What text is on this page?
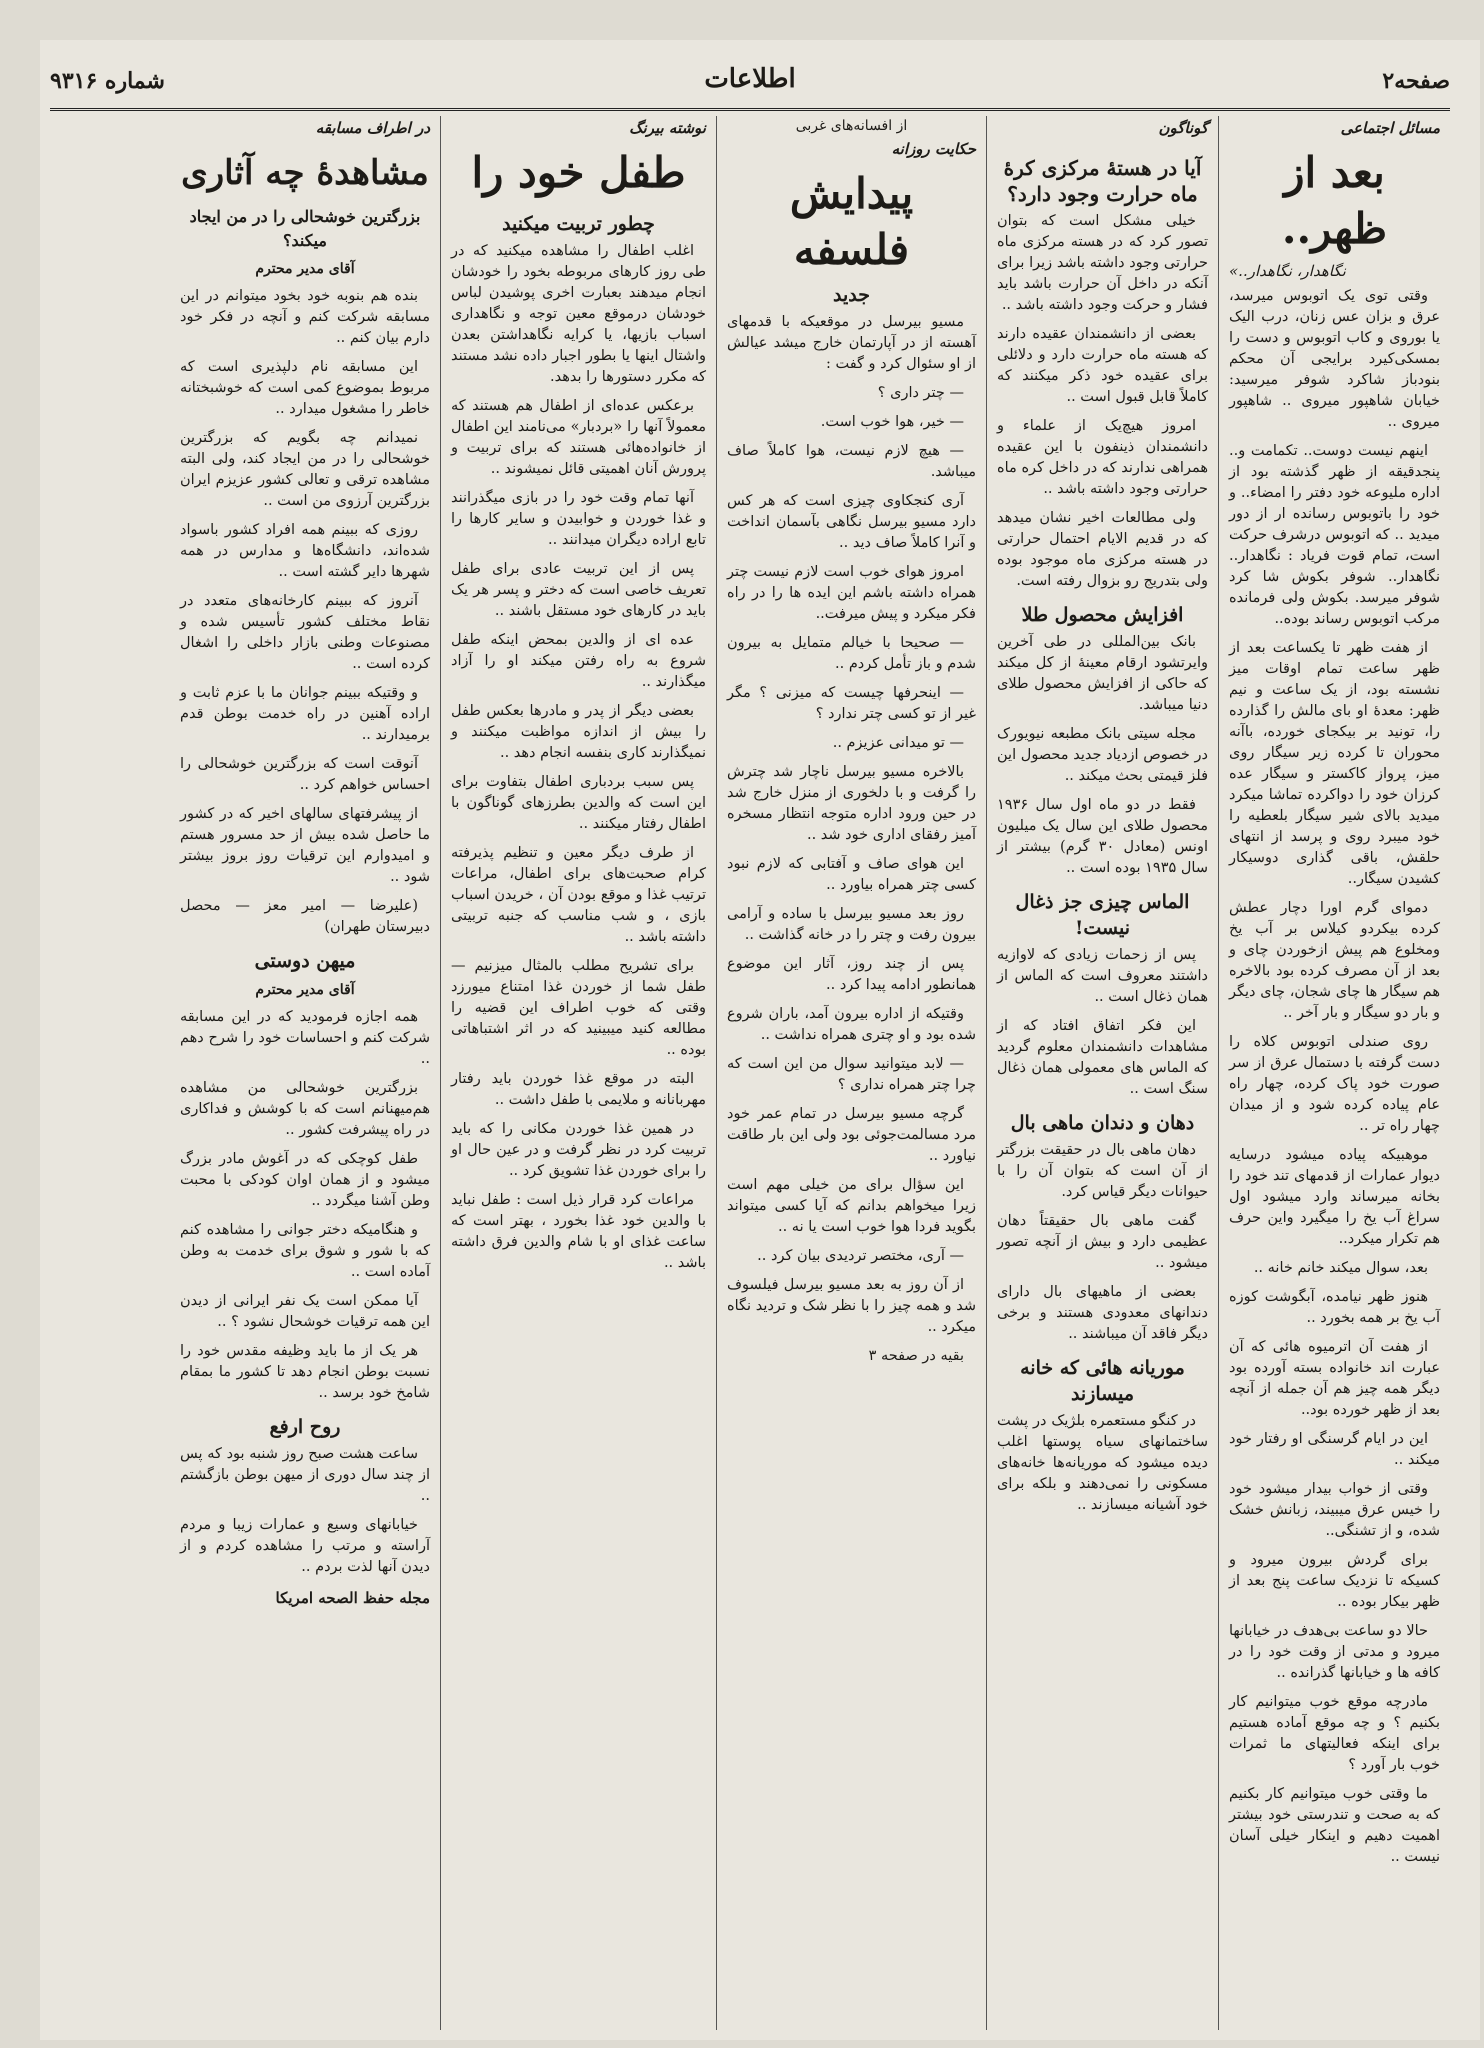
صفحه۲
اطلاعات
شماره ۹۳۱۶
مسائل اجتماعی
بعد از ظهر..
نگاهدار، نگاهدار..»

وقتی توی یک اتوبوس میرسد، عرق و بزان عس زنان، درب الیک یا بوروی و کاب اتوبوس و دست را بمسکی‌کیرد برایجی آن محکم بنودباز شاکرد شوفر میرسید: خیابان شاهپور میروی .. شاهپور میروی ..

اینهم نیست دوست.. تکمامت و.. پنجدقیقه از ظهر گذشته بود از اداره ملیوعه خود دفتر را امضاء.. و خود را باتوبوس رسانده ار از دور میدید .. که اتوبوس درشرف حرکت است، تمام قوت فریاد : نگاهدار.. نگاهدار.. شوفر بکوش شا کرد شوفر میرسد. بکوش ولی فرمانده مرکب اتوبوس رساند بوده..

از هفت ظهر تا یکساعت بعد از ظهر ساعت تمام اوقات میز نشسته بود، از یک ساعت و نیم ظهر: معدهٔ او بای مالش را گذارده را، تونید بر بیکجای‌ خورده، باآنه محوران تا کرده زیر سیگار روی میز، پرواز کاکستر و سیگار عده کرزان خود را دواکرده تماشا میکرد میدید بالای شیر سیگار بلعطیه را خود میبرد روی و پرسد از انتهای حلقش، باقی گذاری دوسیکار کشیدن سیگار..

دموای گرم اورا دچار عطش کرده بیکردو کیلاس بر آب یخ ومخلوع هم پیش ازخوردن چای و بعد از آن مصرف کرده بود بالاخره هم سیگار ها چای شجان، چای دیگر و بار دو سیگار و بار آخر ..

روی صندلی اتوبوس کلاه را دست گرفته با دستمال عرق از سر صورت خود پاک کرده، چهار راه عام پیاده کرده شود و از میدان چهار راه تر ..

موهبیکه پیاده میشود درسایه دیوار عمارات از قدمهای تند خود را بخانه میرساند وارد میشود اول سراغ آب یخ را میگیرد واین حرف هم تکرار میکرد..

بعد، سوال میکند خانم خانه ..

هنوز ظهر نیامده، آبگوشت کوزه آب یخ بر همه بخورد ..

از هفت آن اترمیوه هائی که آن عبارت اند خانواده بسته آورده بود دیگر همه چیز هم آن جمله از آنچه بعد از ظهر خورده بود..

این در ایام گرسنگی او رفتار خود میکند ..

وقتی از خواب بیدار میشود خود را خیس عرق میبیند، زبانش خشک شده، و از تشنگی..

برای گردش بیرون میرود و کسیکه تا نزدیک ساعت پنج بعد از ظهر بیکار بوده ..

حالا دو ساعت بی‌هدف در خیابانها میرود و مدتی از وقت خود را در کافه ها و خیابانها گذرانده ..

مادرچه موقع خوب میتوانیم کار بکنیم ؟ و چه موقع آماده هستیم برای اینکه فعالیتهای ما ثمرات خوب بار آورد ؟

ما وقتی خوب میتوانیم کار بکنیم که به صحت و تندرستی خود بیشتر اهمیت دهیم و اینکار خیلی آسان نیست ..

گوناگون
آیا در هستهٔ مرکزی کرهٔ ماه حرارت وجود دارد؟

خیلی مشکل است که بتوان تصور کرد که در هسته مرکزی ماه حرارتی وجود داشته باشد زیرا برای آنکه در داخل آن حرارت باشد باید فشار و حرکت وجود داشته باشد ..

بعضی از دانشمندان عقیده دارند که هسته ماه حرارت دارد و دلائلی برای عقیده خود ذکر میکنند که کاملاً قابل قبول است ..

امروز هیچ‌یک از علماء و دانشمندان ذینفون با این عقیده همراهی ندارند که در داخل کره ماه حرارتی وجود داشته باشد ..

ولی مطالعات اخیر نشان میدهد که در قدیم الایام احتمال حرارتی در هسته مرکزی ماه موجود بوده ولی بتدریج رو بزوال رفته است.

افزایش محصول طلا

بانک بین‌المللی در طی آخرین وایرتشود ارقام معینهٔ از کل میکند که حاکی از افزایش محصول طلای دنیا میباشد.

مجله سیتی بانک مطبعه نیویورک در خصوص ازدیاد جدید محصول این فلز قیمتی بحث میکند ..

فقط در دو ماه اول سال ۱۹۳۶ محصول طلای این سال یک میلیون اونس (معادل ۳۰ گرم) بیشتر از سال ۱۹۳۵ بوده است ..

الماس چیزی جز ذغال نیست!

پس از زحمات زیادی که لاوازیه داشتند معروف است که الماس از همان ذغال است ..

این فکر اتفاق افتاد که از مشاهدات دانشمندان معلوم گردید که الماس های معمولی همان ذغال سنگ است ..

دهان و دندان ماهی بال

دهان ماهی بال در حقیقت بزرگتر از آن است که بتوان آن را با حیوانات دیگر قیاس کرد.

گفت‌ ماهی بال حقیقتاً دهان عظیمی دارد و بیش از آنچه تصور میشود ..

بعضی از ماهیهای بال دارای دندانهای معدودی هستند و برخی دیگر فاقد آن میباشند ..

موریانه هائی که خانه میسازند

در کنگو مستعمره بلژیک در پشت ساختمانهای سیاه پوستها اغلب دیده میشود که موریانه‌ها خانه‌های مسکونی را نمی‌دهند و بلکه برای خود آشیانه میسازند ..

از افسانه‌های غربی
حکایت روزانه
پیدایش فلسفه
جدید

مسیو بیرسل در موقعیکه با قدمهای آهسته از در آپارتمان خارج میشد عیالش از او سئوال کرد و گفت :

— چتر داری ؟

— خیر، هوا خوب است.

— هیچ لازم نیست، هوا کاملاً صاف میباشد.

آری کنجکاوی چیزی است که هر کس دارد مسیو بیرسل نگاهی بآسمان انداخت و آنرا کاملاً صاف دید ..

امروز هوای خوب است لازم نیست چتر همراه داشته باشم این ایده ها را در راه فکر میکرد و پیش میرفت..

— صحیحا با خیالم متمایل به بیرون شدم و باز تأمل کردم ..

— اینحرفها چیست که میزنی ؟ مگر غیر از تو کسی چتر ندارد ؟

— تو میدانی عزیزم ..

بالاخره مسیو بیرسل ناچار شد چترش را گرفت و با دلخوری از منزل خارج شد در حین ورود اداره متوجه انتظار مسخره آمیز رفقای اداری خود شد ..

این هوای صاف و آفتابی که لازم نبود کسی چتر همراه بیاورد ..

روز بعد مسیو بیرسل با ساده و آرامی بیرون رفت و چتر را در خانه گذاشت ..

پس از چند روز، آثار این موضوع همانطور ادامه پیدا کرد ..

وقتیکه از اداره بیرون آمد، باران شروع شده بود و او چتری همراه نداشت ..

— لابد میتوانید سوال من این است که چرا چتر همراه نداری ؟

گرچه مسیو بیرسل در تمام عمر خود مرد مسالمت‌جوئی بود ولی این بار طاقت نیاورد ..

این سؤال برای من خیلی مهم است زیرا میخواهم بدانم که آیا کسی میتواند بگوید فردا هوا خوب است یا نه ..

— آری، مختصر تردیدی بیان کرد ..

از آن روز به بعد مسیو بیرسل فیلسوف شد و همه چیز را با نظر شک و تردید نگاه میکرد ..

بقیه در صفحه ۳

نوشته بیرنگ
طفل خود را
چطور تربیت میکنید

اغلب اطفال را مشاهده میکنید که در طی روز کارهای مربوطه بخود را خودشان انجام میدهند بعبارت اخری پوشیدن لباس خودشان درموقع معین توجه و نگاهداری اسباب بازیها، یا کرایه نگاهداشتن بعدن واشتال اینها یا بطور اجبار داده نشد مستند که مکرر دستورها را بدهد.

برعکس عده‌ای از اطفال هم هستند که معمولاً آنها را «بردبار» می‌نامند این اطفال از خانواده‌هائی هستند که برای تربیت و پرورش آنان اهمیتی قائل نمیشوند ..

آنها تمام وقت خود را در بازی میگذرانند و غذا خوردن و خوابیدن و سایر کارها را تابع اراده دیگران میدانند ..

پس از این تربیت عادی برای طفل تعریف خاصی است که دختر و پسر هر یک باید در کارهای خود مستقل باشند ..

عده ای از والدین بمحض اینکه طفل شروع به راه رفتن میکند او را آزاد میگذارند ..

بعضی دیگر از پدر و مادرها بعکس طفل را بیش از اندازه مواظبت میکنند و نمیگذارند کاری بنفسه انجام دهد ..

پس سبب بردباری اطفال بتفاوت برای این است که والدین بطرزهای گوناگون با اطفال رفتار میکنند ..

از طرف دیگر معین و تنظیم پذیرفته کرام صحبت‌های برای اطفال، مراعات ترتیب غذا و موقع بودن آن ، خریدن اسباب بازی ، و شب مناسب که جنبه تربیتی داشته باشد ..

برای تشریح مطلب بالمثال میزنیم — طفل شما از خوردن غذا امتناع میورزد وقتی که خوب اطراف این قضیه را مطالعه کنید میبینید که در اثر اشتباهاتی بوده ..

البته در موقع غذا خوردن باید رفتار مهربانانه و ملایمی با طفل داشت ..

در همین غذا خوردن مکانی را که باید تربیت کرد در نظر گرفت و در عین حال او را برای خوردن غذا تشویق کرد ..

مراعات کرد قرار ذیل است : طفل نباید با والدین خود غذا بخورد ، بهتر است که ساعت غذای او با شام والدین فرق داشته باشد ..

در اطراف مسابقه
مشاهدهٔ چه آثاری
بزرگترین خوشحالی را در من ایجاد میکند؟
آقای مدیر محترم

بنده هم بنوبه خود بخود میتوانم در این مسابقه شرکت کنم و آنچه در فکر خود دارم بیان کنم ..

این مسابقه نام دلپذیری است که مربوط بموضوع کمی است که خوشبختانه خاطر را مشغول میدارد ..

نمیدانم چه بگویم که بزرگترین خوشحالی را در من ایجاد کند، ولی البته مشاهده ترقی و تعالی کشور عزیزم ایران بزرگترین آرزوی من است ..

روزی که ببینم همه افراد کشور باسواد شده‌اند، دانشگاه‌ها و مدارس در همه شهرها دایر گشته است ..

آنروز که ببینم کارخانه‌های متعدد در نقاط مختلف کشور تأسیس شده و مصنوعات وطنی بازار داخلی را اشغال کرده است ..

و وقتیکه ببینم جوانان ما با عزم ثابت و اراده آهنین در راه خدمت بوطن قدم برمیدارند ..

آنوقت است که بزرگترین خوشحالی را احساس خواهم کرد ..

از پیشرفتهای سالهای اخیر که در کشور ما حاصل شده بیش از حد مسرور هستم و امیدوارم این ترقیات روز بروز بیشتر شود ..

(علیرضا — امیر معز — محصل دبیرستان طهران)

میهن دوستی
آقای مدیر محترم

همه اجازه فرمودید که در این مسابقه شرکت کنم و احساسات خود را شرح دهم ..

بزرگترین خوشحالی من مشاهده هم‌میهنانم است که با کوشش و فداکاری در راه پیشرفت کشور ..

طفل کوچکی که در آغوش مادر بزرگ میشود و از همان اوان کودکی با محبت وطن آشنا میگردد ..

و هنگامیکه دختر جوانی را مشاهده کنم که با شور و شوق برای خدمت به وطن آماده است ..

آیا ممکن است یک نفر ایرانی از دیدن این همه ترقیات خوشحال نشود ؟ ..

هر یک از ما باید وظیفه مقدس خود را نسبت بوطن انجام دهد تا کشور ما بمقام شامخ خود برسد ..

روح ارفع

ساعت هشت صبح روز شنبه بود که پس از چند سال دوری از میهن بوطن بازگشتم ..

خیابانهای وسیع و عمارات زیبا و مردم آراسته و مرتب را مشاهده کردم و از دیدن آنها لذت بردم ..

مجله حفظ الصحه امریکا
